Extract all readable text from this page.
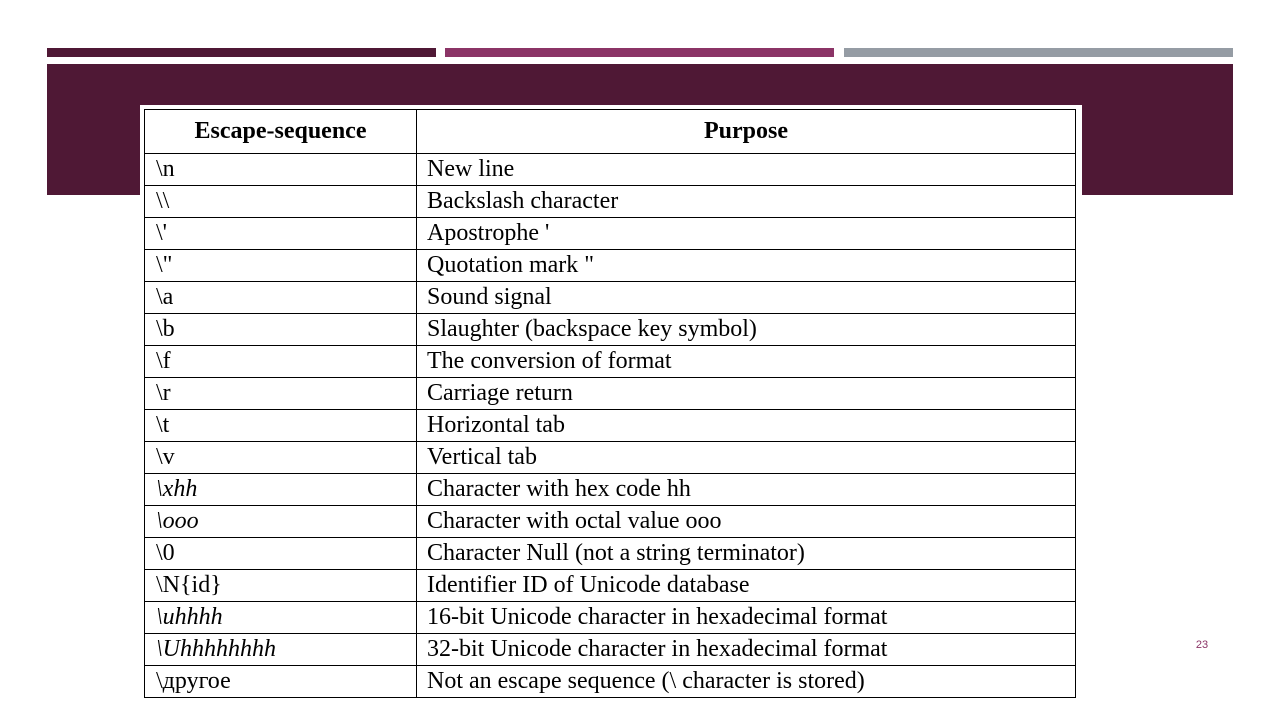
Escape-sequence	Purpose
\n	New line
\\	Backslash character
\'	Apostrophe '
\"	Quotation mark "
\a	Sound signal
\b	Slaughter (backspace key symbol)
\f	The conversion of format
\r	Carriage return
\t	Horizontal tab
\v	Vertical tab
\xhh	Character with hex code hh
\ooo	Character with octal value ooo
\0	Character Null (not a string terminator)
\N{id}	Identifier ID of Unicode database
\uhhhh	16-bit Unicode character in hexadecimal format
\Uhhhhhhhh	32-bit Unicode character in hexadecimal format
\другое	Not an escape sequence (\ character is stored)
23
